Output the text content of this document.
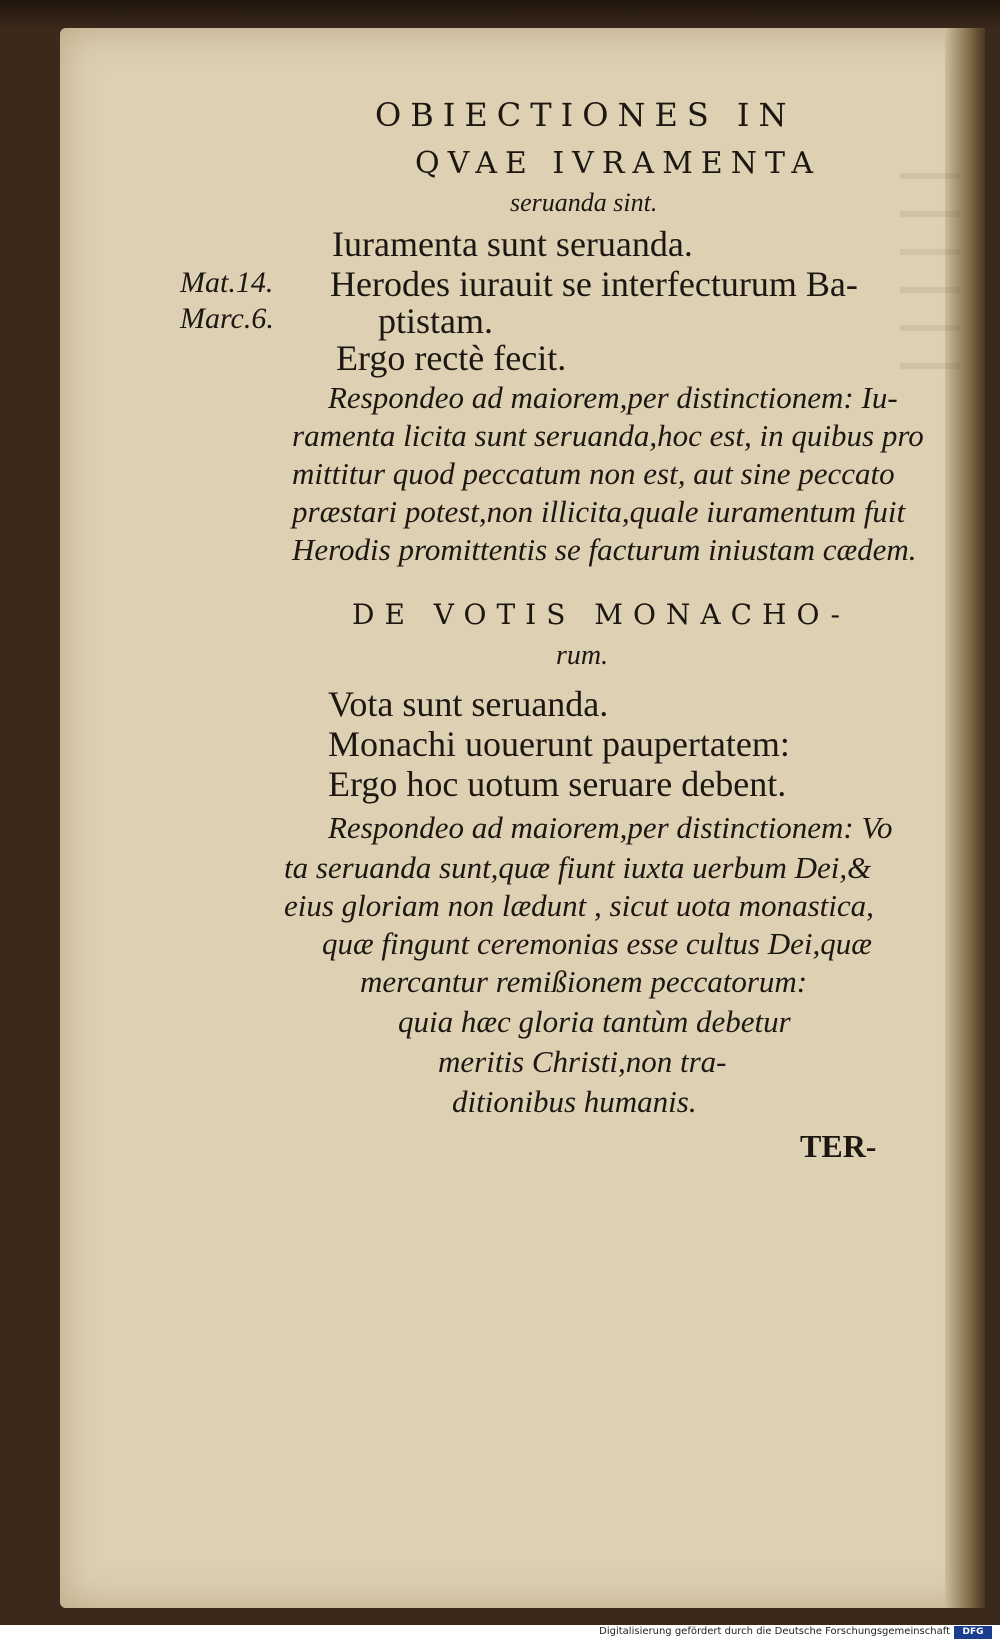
OBIECTIONES IN
QVAE IVRAMENTA
seruanda sint.
Iuramenta sunt seruanda.
Mat.14. Herodes iurauit se interfecturum Ba-
Marc.6.	ptistam.
Ergo rectè fecit.
Respondeo ad maiorem,per distinctionem: Iu-
ramenta licita sunt seruanda,hoc est, in quibus pro
mittitur quod peccatum non est, aut sine peccato
præstari potest,non illicita,quale iuramentum fuit
Herodis promittentis se facturum iniustam cædem.
DE VOTIS MONACHO-
rum.
Vota sunt seruanda.
Monachi uouerunt paupertatem:
Ergo hoc uotum seruare debent.
Respondeo ad maiorem,per distinctionem: Vo
ta seruanda sunt,quæ fiunt iuxta uerbum Dei,&
eius gloriam non lædunt , sicut uota monastica,
quæ fingunt ceremonias esse cultus Dei,quæ
mercantur remißionem peccatorum:
quia hæc gloria tantùm debetur
meritis Christi,non tra-
ditionibus humanis.
TER-
Digitalisierung gefördert durch die Deutsche Forschungsgemeinschaft	DFG
